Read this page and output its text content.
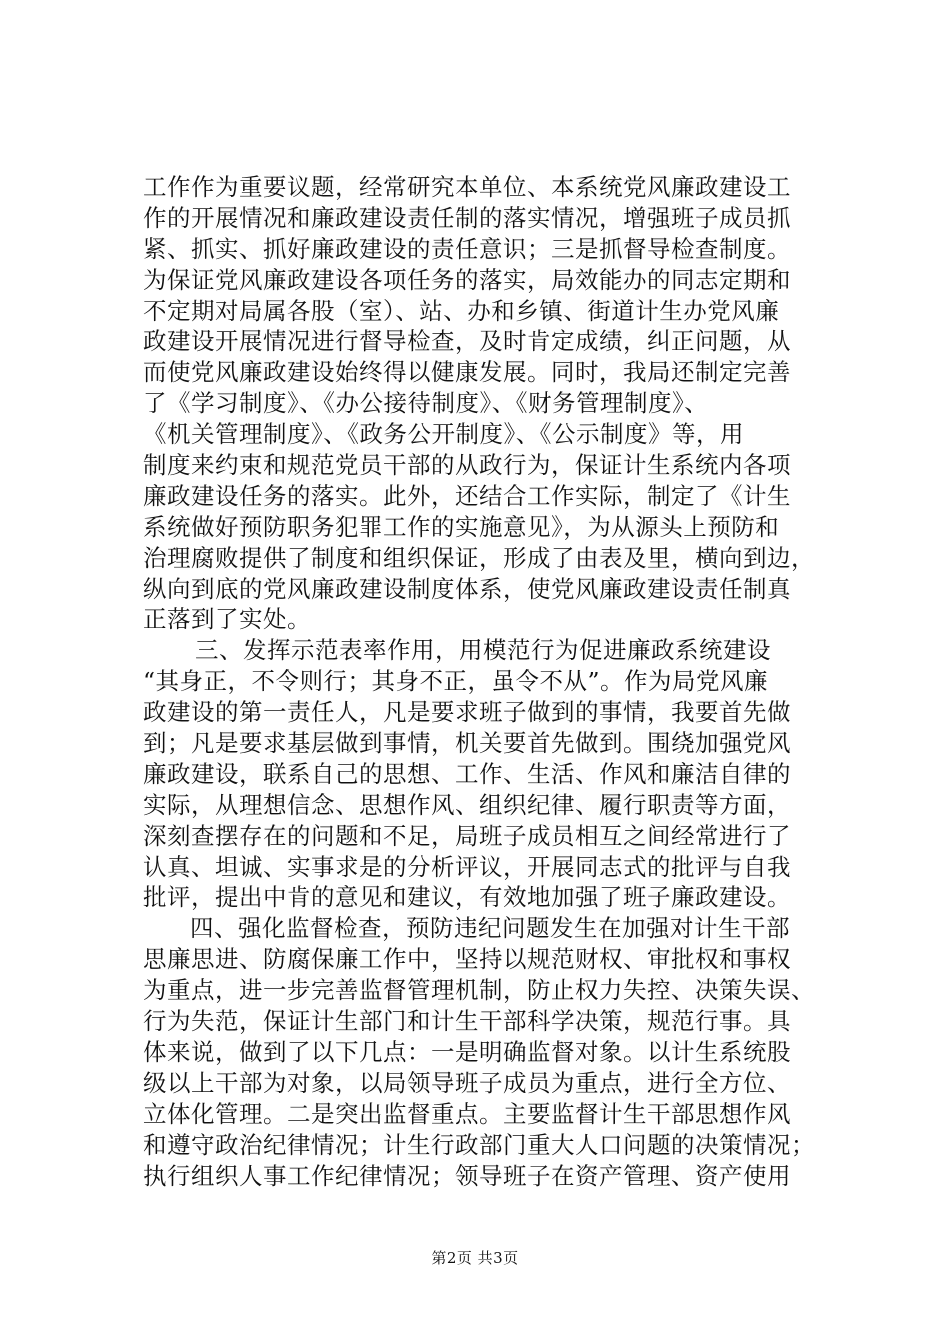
工作作为重要议题，经常研究本单位、本系统党风廉政建设工
作的开展情况和廉政建设责任制的落实情况，增强班子成员抓
紧、抓实、抓好廉政建设的责任意识；三是抓督导检查制度。
为保证党风廉政建设各项任务的落实，局效能办的同志定期和
不定期对局属各股（室）、站、办和乡镇、街道计生办党风廉
政建设开展情况进行督导检查，及时肯定成绩，纠正问题，从
而使党风廉政建设始终得以健康发展。同时，我局还制定完善
了《学习制度》、《办公接待制度》、《财务管理制度》、
《机关管理制度》、《政务公开制度》、《公示制度》等，用
制度来约束和规范党员干部的从政行为，保证计生系统内各项
廉政建设任务的落实。此外，还结合工作实际，制定了《计生
系统做好预防职务犯罪工作的实施意见》，为从源头上预防和
治理腐败提供了制度和组织保证，形成了由表及里，横向到边，
纵向到底的党风廉政建设制度体系，使党风廉政建设责任制真
正落到了实处。
三、发挥示范表率作用，用模范行为促进廉政系统建设
“其身正，不令则行；其身不正，虽令不从”。作为局党风廉
政建设的第一责任人，凡是要求班子做到的事情，我要首先做
到；凡是要求基层做到事情，机关要首先做到。围绕加强党风
廉政建设，联系自己的思想、工作、生活、作风和廉洁自律的
实际，从理想信念、思想作风、组织纪律、履行职责等方面，
深刻查摆存在的问题和不足，局班子成员相互之间经常进行了
认真、坦诚、实事求是的分析评议，开展同志式的批评与自我
批评，提出中肯的意见和建议，有效地加强了班子廉政建设。
四、强化监督检查，预防违纪问题发生在加强对计生干部
思廉思进、防腐保廉工作中，坚持以规范财权、审批权和事权
为重点，进一步完善监督管理机制，防止权力失控、决策失误、
行为失范，保证计生部门和计生干部科学决策，规范行事。具
体来说，做到了以下几点：一是明确监督对象。以计生系统股
级以上干部为对象，以局领导班子成员为重点，进行全方位、
立体化管理。二是突出监督重点。主要监督计生干部思想作风
和遵守政治纪律情况；计生行政部门重大人口问题的决策情况；
执行组织人事工作纪律情况；领导班子在资产管理、资产使用
第2页 共3页
